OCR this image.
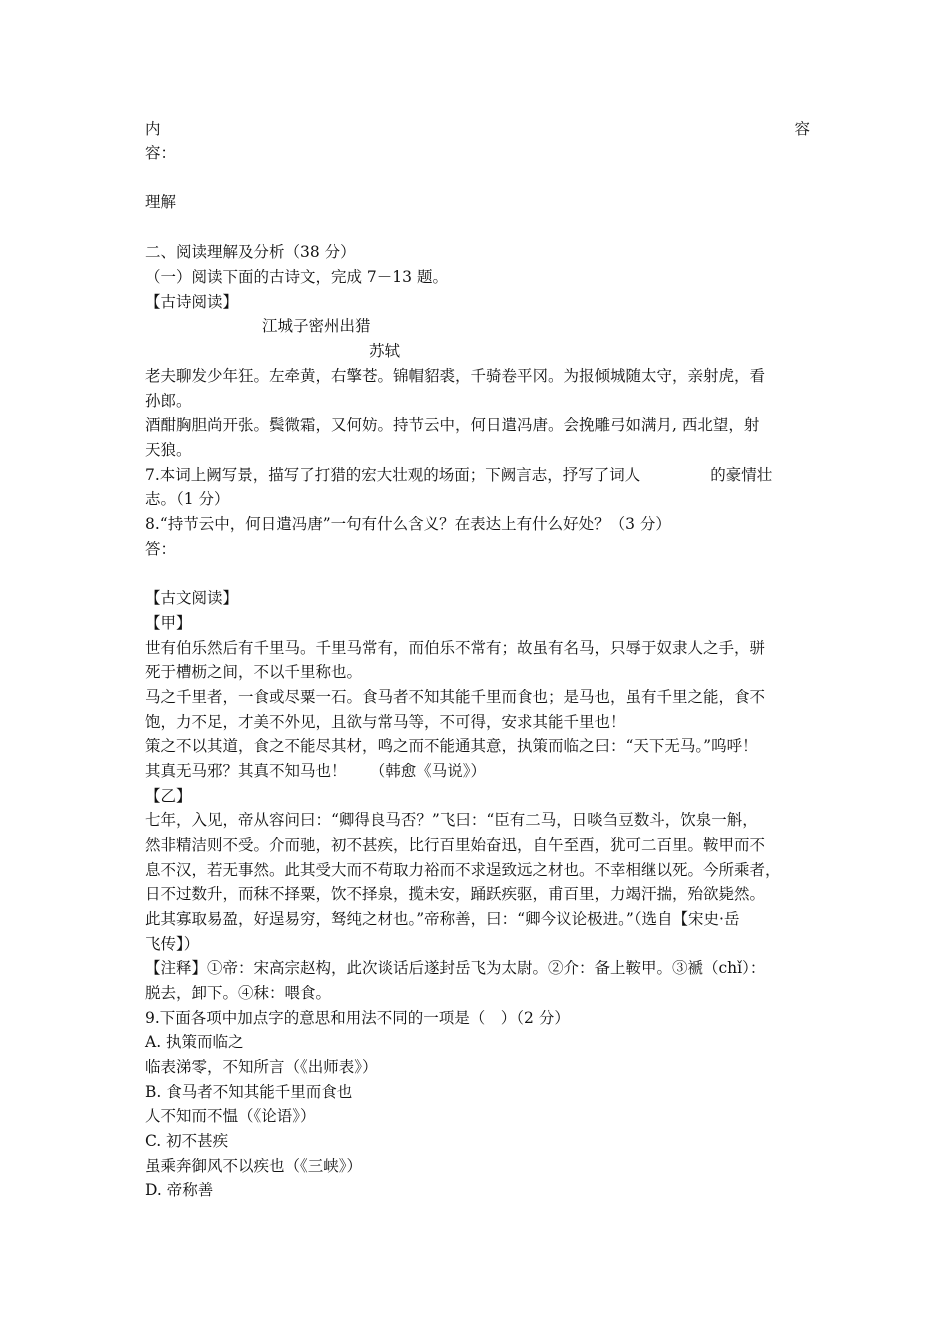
内	容
容：
理解
二、阅读理解及分析（38 分）
（一）阅读下面的古诗文，完成 7－13 题。
【古诗阅读】
江城子密州出猎
苏轼
老夫聊发少年狂。左牵黄，右擎苍。锦帽貂裘，千骑卷平冈。为报倾城随太守，亲射虎，看
孙郎。
酒酣胸胆尚开张。鬓微霜，又何妨。持节云中，何日遣冯唐。会挽雕弓如满月, 西北望，射
天狼。
7.本词上阙写景，描写了打猎的宏大壮观的场面；下阙言志，抒写了词人	的豪情壮
志。（1 分）
8.“持节云中，何日遣冯唐”一句有什么含义？在表达上有什么好处？（3 分）
答：
【古文阅读】
【甲】
世有伯乐然后有千里马。千里马常有，而伯乐不常有；故虽有名马，只辱于奴隶人之手，骈
死于槽枥之间，不以千里称也。
马之千里者，一食或尽粟一石。食马者不知其能千里而食也；是马也，虽有千里之能，食不
饱，力不足，才美不外见，且欲与常马等，不可得，安求其能千里也！
策之不以其道，食之不能尽其材，鸣之而不能通其意，执策而临之曰：“天下无马。”呜呼！
其真无马邪？其真不知马也！　　（韩愈《马说》）
【乙】
七年，入见，帝从容问曰：“卿得良马否？”飞曰：“臣有二马，日啖刍豆数斗，饮泉一斛，
然非精洁则不受。介而驰，初不甚疾，比行百里始奋迅，自午至酉，犹可二百里。鞍甲而不
息不汉，若无事然。此其受大而不苟取力裕而不求逞致远之材也。不幸相继以死。今所乘者，
日不过数升，而秣不择粟，饮不择泉，揽未安，踊跃疾驱，甫百里，力竭汗揣，殆欲毙然。
此其寡取易盈，好逞易穷，驽纯之材也。”帝称善，曰：“卿今议论极进。”（选自【宋史·岳
飞传】）
【注释】①帝：宋高宗赵构，此次谈话后遂封岳飞为太尉。②介：备上鞍甲。③褫（chǐ）：
脱去，卸下。④秣：喂食。
9.下面各项中加点字的意思和用法不同的一项是（　）（2 分）
A. 执策而临之
临表涕零，不知所言（《出师表》）
B. 食马者不知其能千里而食也
人不知而不愠（《论语》）
C. 初不甚疾
虽乘奔御风不以疾也（《三峡》）
D. 帝称善
